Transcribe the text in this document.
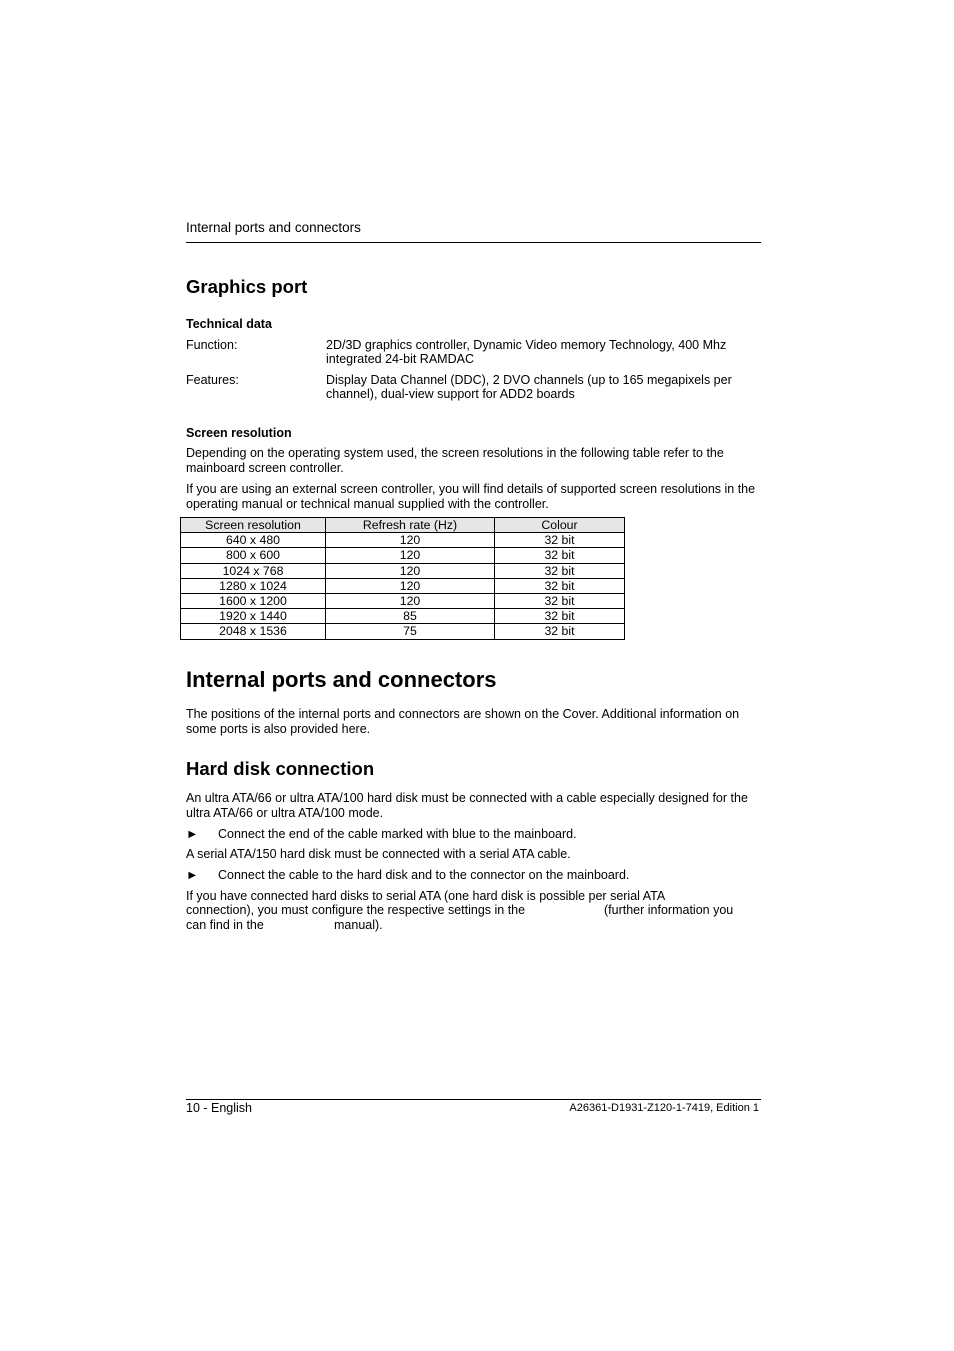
Internal ports and connectors
Graphics port
Technical data
Function:	2D/3D graphics controller, Dynamic Video memory Technology, 400 Mhz integrated 24-bit RAMDAC
Features:	Display Data Channel (DDC), 2 DVO channels (up to 165 megapixels per channel), dual-view support for ADD2 boards
Screen resolution
Depending on the operating system used, the screen resolutions in the following table refer to the mainboard screen controller.
If you are using an external screen controller, you will find details of supported screen resolutions in the operating manual or technical manual supplied with the controller.
Screen resolution	Refresh rate (Hz)	Colour
640 x 480	120	32 bit
800 x 600	120	32 bit
1024 x 768	120	32 bit
1280 x 1024	120	32 bit
1600 x 1200	120	32 bit
1920 x 1440	85	32 bit
2048 x 1536	75	32 bit
Internal ports and connectors
The positions of the internal ports and connectors are shown on the Cover. Additional information on some ports is also provided here.
Hard disk connection
An ultra ATA/66 or ultra ATA/100 hard disk must be connected with a cable especially designed for the ultra ATA/66 or ultra ATA/100 mode.
► Connect the end of the cable marked with blue to the mainboard.
A serial ATA/150 hard disk must be connected with a serial ATA cable.
► Connect the cable to the hard disk and to the connector on the mainboard.
If you have connected hard disks to serial ATA (one hard disk is possible per serial ATA
connection), you must configure the respective settings in the	(further information you
can find in the	manual).
10 - English	A26361-D1931-Z120-1-7419, Edition 1
